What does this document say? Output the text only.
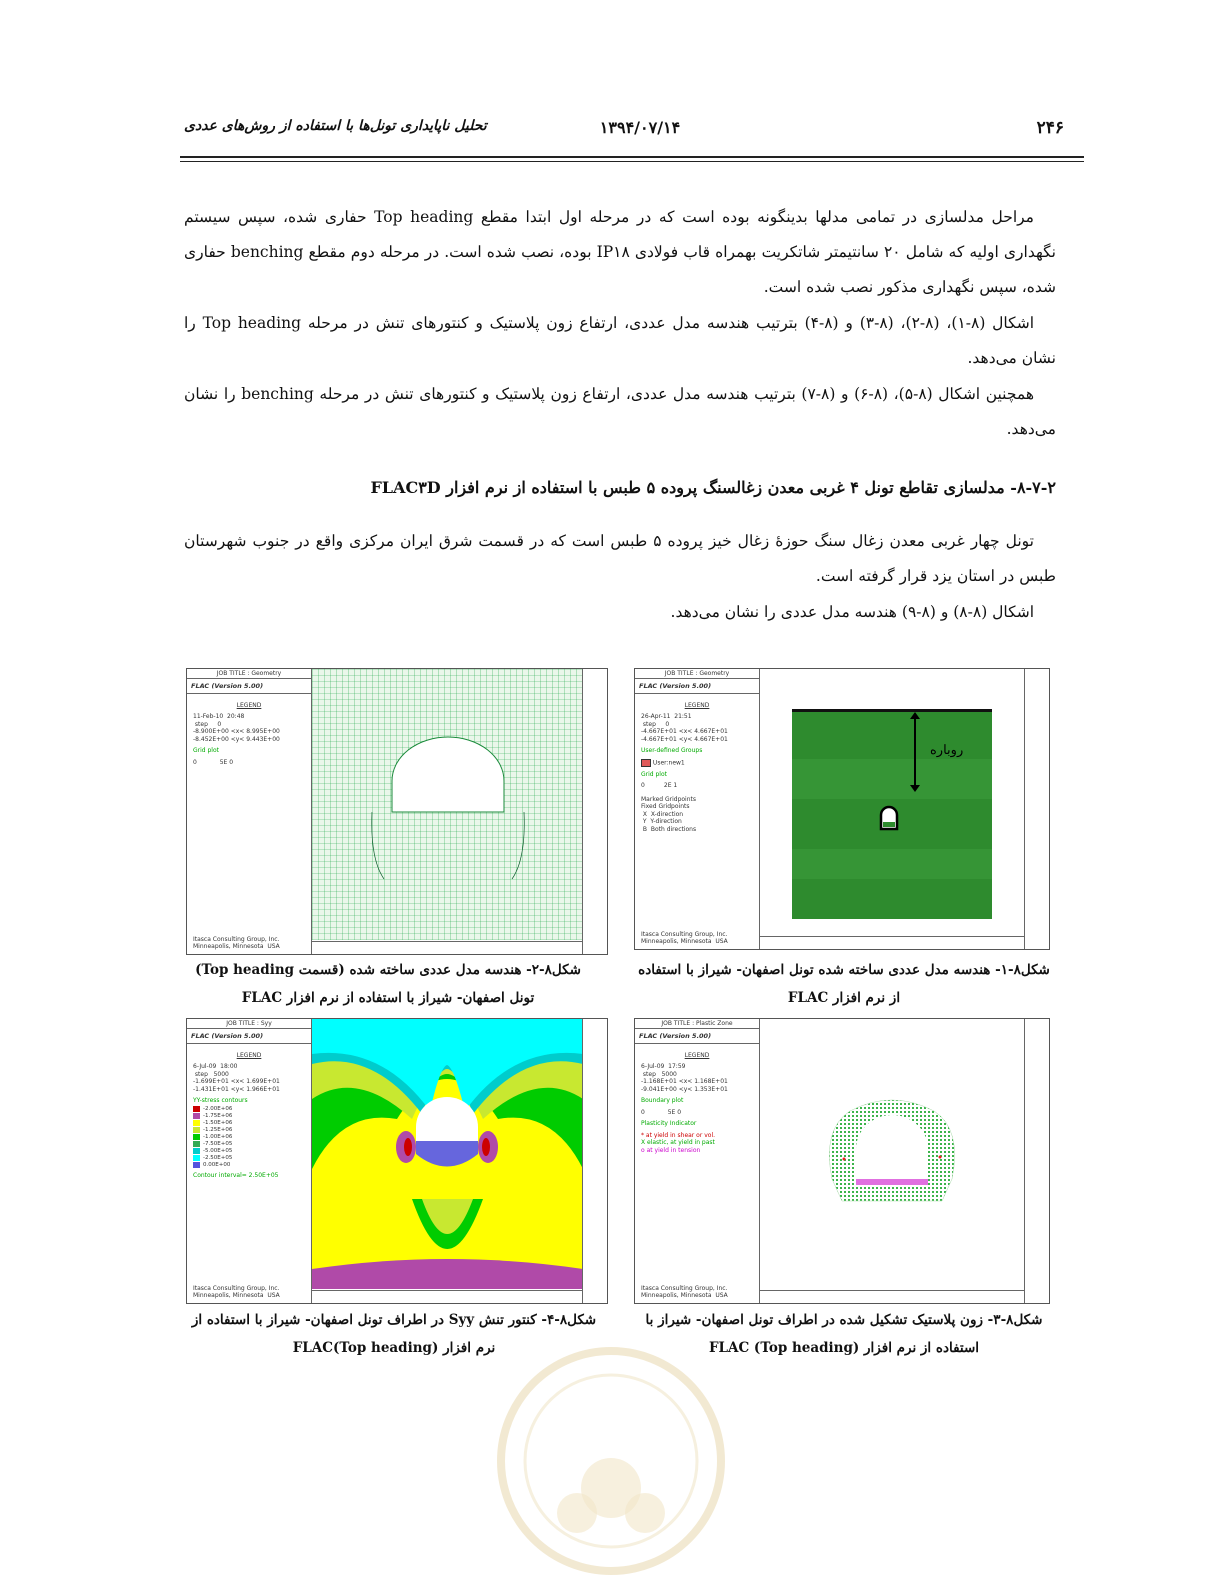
۲۴۶
۱۳۹۴/۰۷/۱۴
تحلیل ناپایداری تونل‌ها با استفاده از روش‌های عددی
مراحل مدلسازی در تمامی مدلها بدینگونه بوده است که در مرحله اول ابتدا مقطع Top heading حفاری شده، سپس سیستم نگهداری اولیه که شامل ۲۰ سانتیمتر شاتکریت بهمراه قاب فولادی IP۱۸ بوده، نصب شده است. در مرحله دوم مقطع benching حفاری شده، سپس نگهداری مذکور نصب شده است.
اشکال (۸-۱)، (۸-۲)، (۸-۳) و (۸-۴) بترتیب هندسه مدل عددی، ارتفاع زون پلاستیک و کنتورهای تنش در مرحله Top heading را نشان می‌دهد.
همچنین اشکال (۸-۵)، (۸-۶) و (۸-۷) بترتیب هندسه مدل عددی، ارتفاع زون پلاستیک و کنتورهای تنش در مرحله benching را نشان می‌دهد.
۸-۷-۲- مدلسازی تقاطع تونل ۴ غربی معدن زغالسنگ پروده ۵ طبس با استفاده از نرم افزار FLAC۳D
تونل چهار غربی معدن زغال سنگ حوزهٔ زغال خیز پروده ۵ طبس است که در قسمت شرق ایران مرکزی واقع در جنوب شهرستان طبس در استان یزد قرار گرفته است.
اشکال (۸-۸) و (۸-۹) هندسه مدل عددی را نشان می‌دهد.
JOB TITLE : Geometry
FLAC (Version 5.00)
LEGEND
26-Apr-11  21:51
step     0
-4.667E+01 <x< 4.667E+01
-4.667E+01 <y< 4.667E+01
User-defined Groups
User:new1
Grid plot
0          2E 1
Marked Gridpoints
Fixed Gridpoints
X  X-direction
Y  Y-direction
B  Both directions
Itasca Consulting Group, Inc.
Minneapolis, Minnesota  USA
روباره
شکل۸-۱- هندسه مدل عددی ساخته شده تونل اصفهان- شیراز با استفاده از نرم افزار FLAC
JOB TITLE : Geometry
FLAC (Version 5.00)
LEGEND
11-Feb-10  20:48
step     0
-8.900E+00 <x< 8.995E+00
-8.452E+00 <y< 9.443E+00
Grid plot
0            5E 0
Itasca Consulting Group, Inc.
Minneapolis, Minnesota  USA
شکل۸-۲- هندسه مدل عددی ساخته شده (قسمت Top heading) تونل اصفهان- شیراز با استفاده از نرم افزار FLAC
JOB TITLE : Plastic Zone
FLAC (Version 5.00)
LEGEND
6-Jul-09  17:59
step   5000
-1.168E+01 <x< 1.168E+01
-9.041E+00 <y< 1.353E+01
Boundary plot
0            5E 0
Plasticity Indicator
* at yield in shear or vol.
X elastic, at yield in past
o at yield in tension
Itasca Consulting Group, Inc.
Minneapolis, Minnesota  USA
شکل۸-۳- زون پلاستیک تشکیل شده در اطراف تونل اصفهان- شیراز با استفاده از نرم افزار FLAC (Top heading)
JOB TITLE : Syy
FLAC (Version 5.00)
LEGEND
6-Jul-09  18:00
step   5000
-1.699E+01 <x< 1.699E+01
-1.431E+01 <y< 1.966E+01
YY-stress contours
-2.00E+06
-1.75E+06
-1.50E+06
-1.25E+06
-1.00E+06
-7.50E+05
-5.00E+05
-2.50E+05
0.00E+00
Contour interval= 2.50E+05
Itasca Consulting Group, Inc.
Minneapolis, Minnesota  USA
شکل۸-۴- کنتور تنش Syy در اطراف تونل اصفهان- شیراز با استفاده از نرم افزار FLAC(Top heading)
